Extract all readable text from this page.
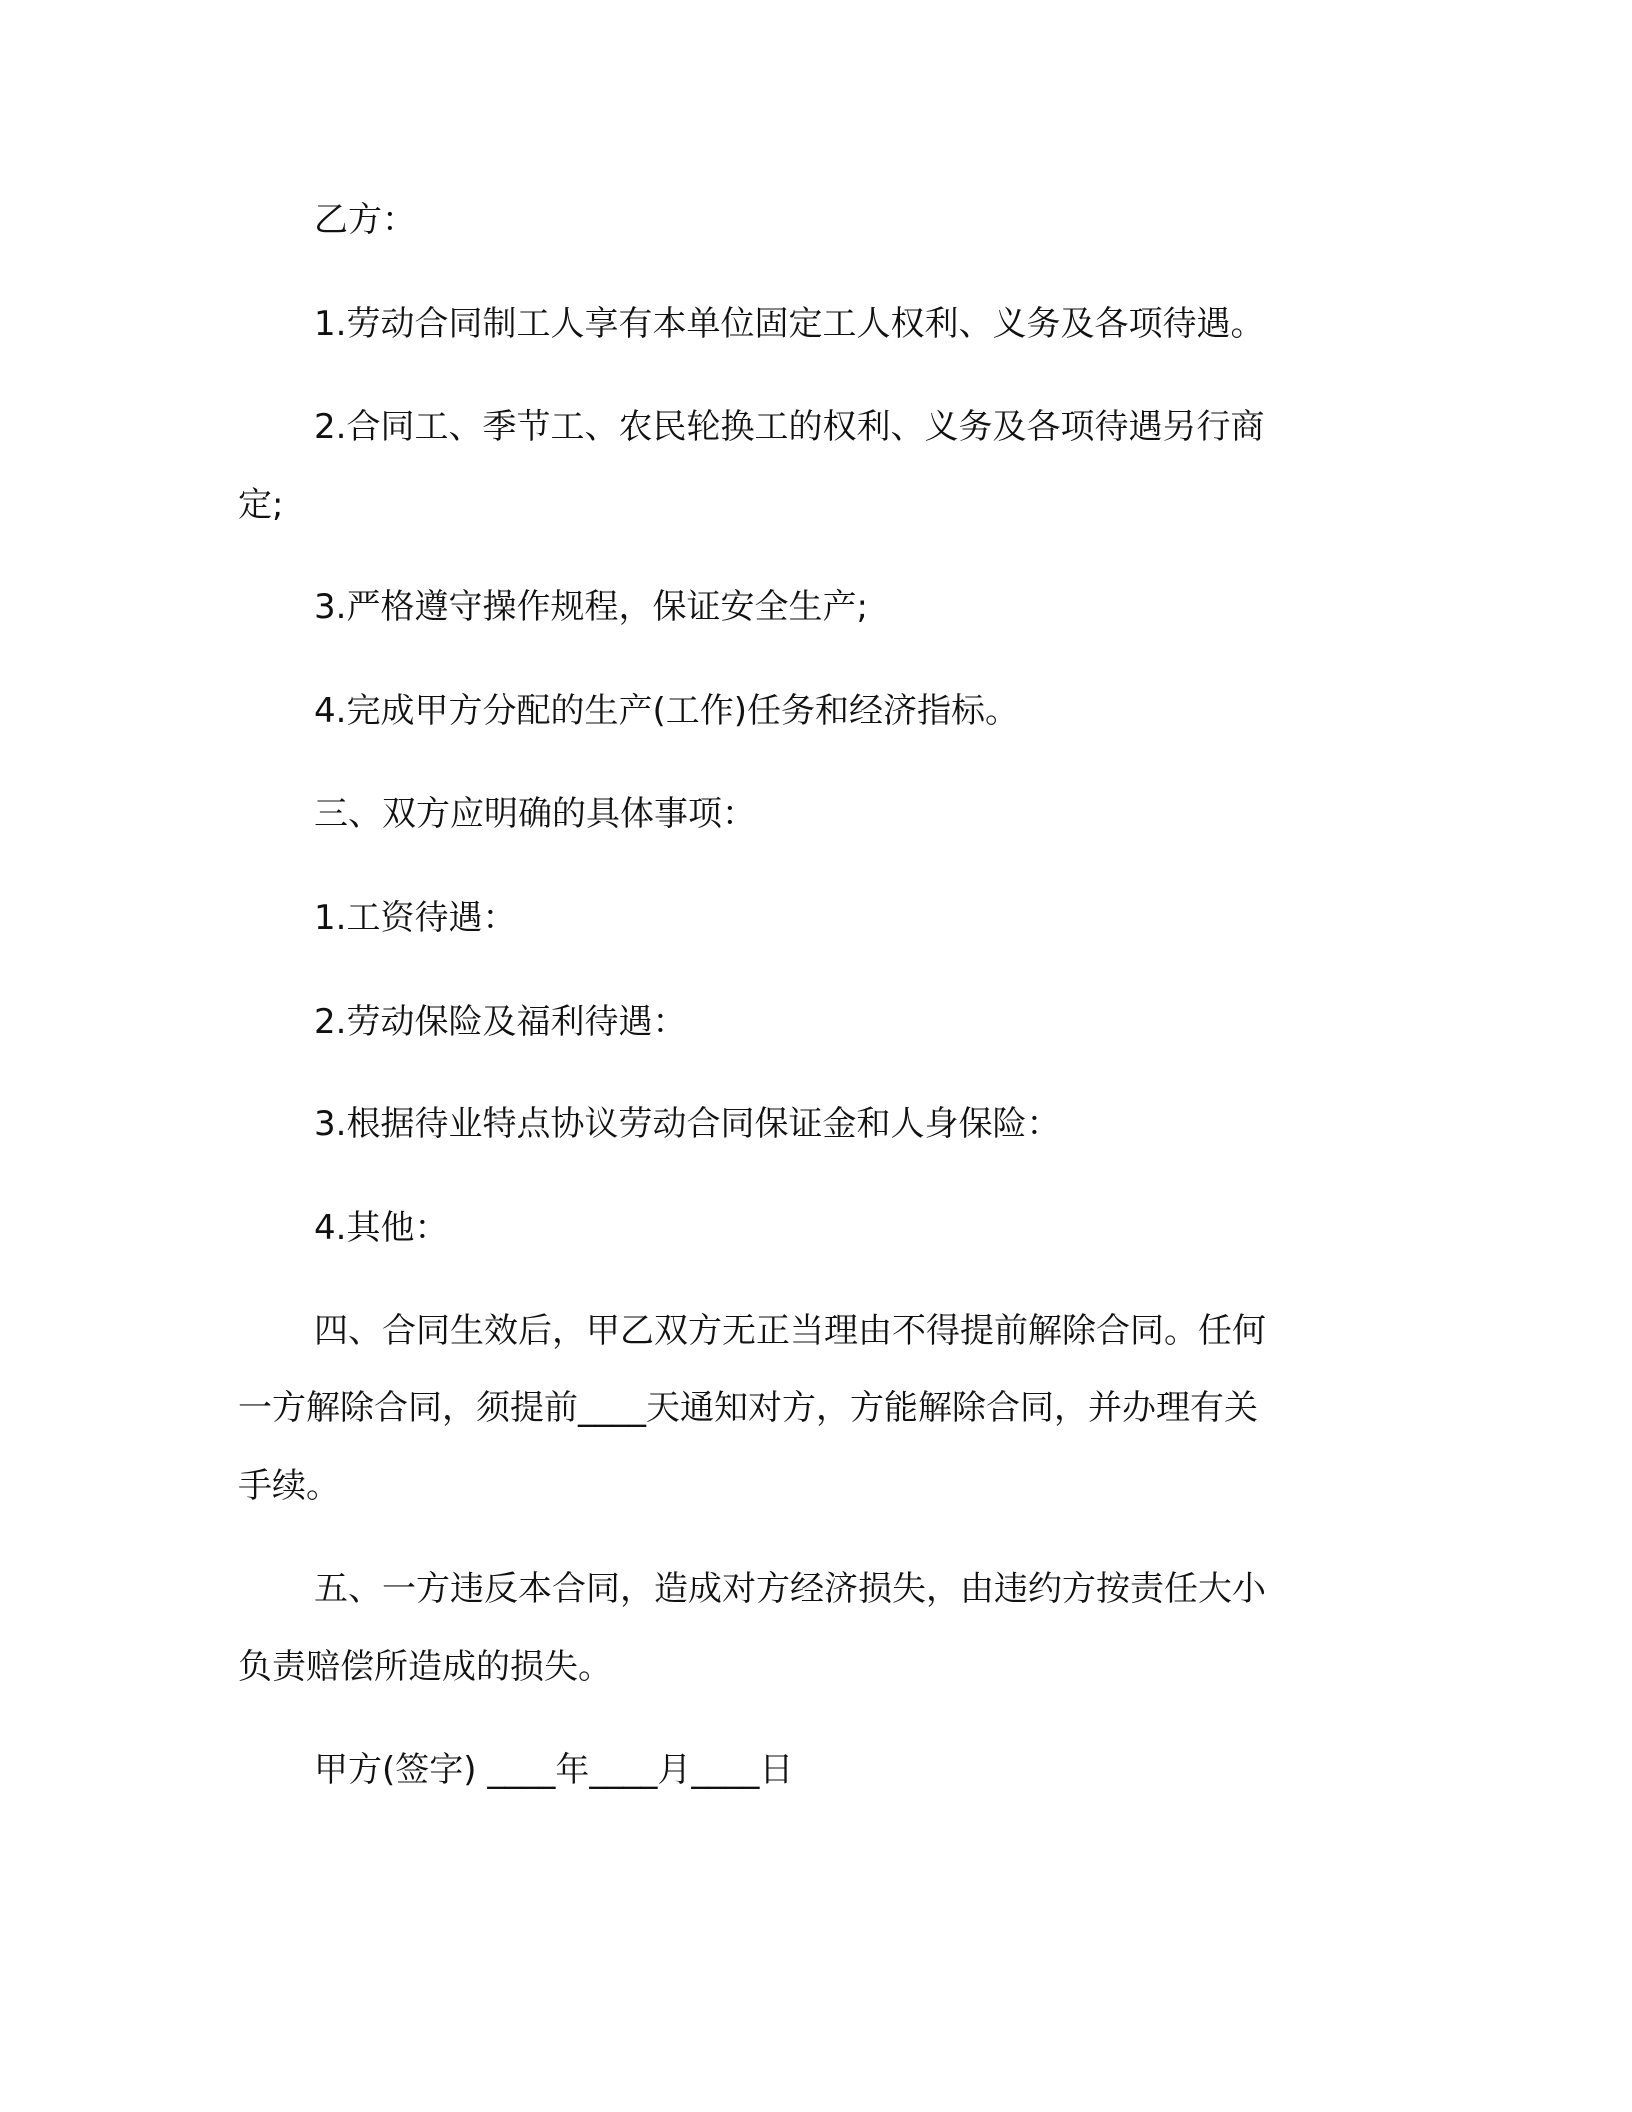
乙方：

1.劳动合同制工人享有本单位固定工人权利、义务及各项待遇。

2.合同工、季节工、农民轮换工的权利、义务及各项待遇另行商

定;

3.严格遵守操作规程，保证安全生产;

4.完成甲方分配的生产(工作)任务和经济指标。

三、双方应明确的具体事项：

1.工资待遇：

2.劳动保险及福利待遇：

3.根据待业特点协议劳动合同保证金和人身保险：

4.其他：

四、合同生效后，甲乙双方无正当理由不得提前解除合同。任何

一方解除合同，须提前____天通知对方，方能解除合同，并办理有关

手续。

五、一方违反本合同，造成对方经济损失，由违约方按责任大小

负责赔偿所造成的损失。

甲方(签字) ____年____月____日
